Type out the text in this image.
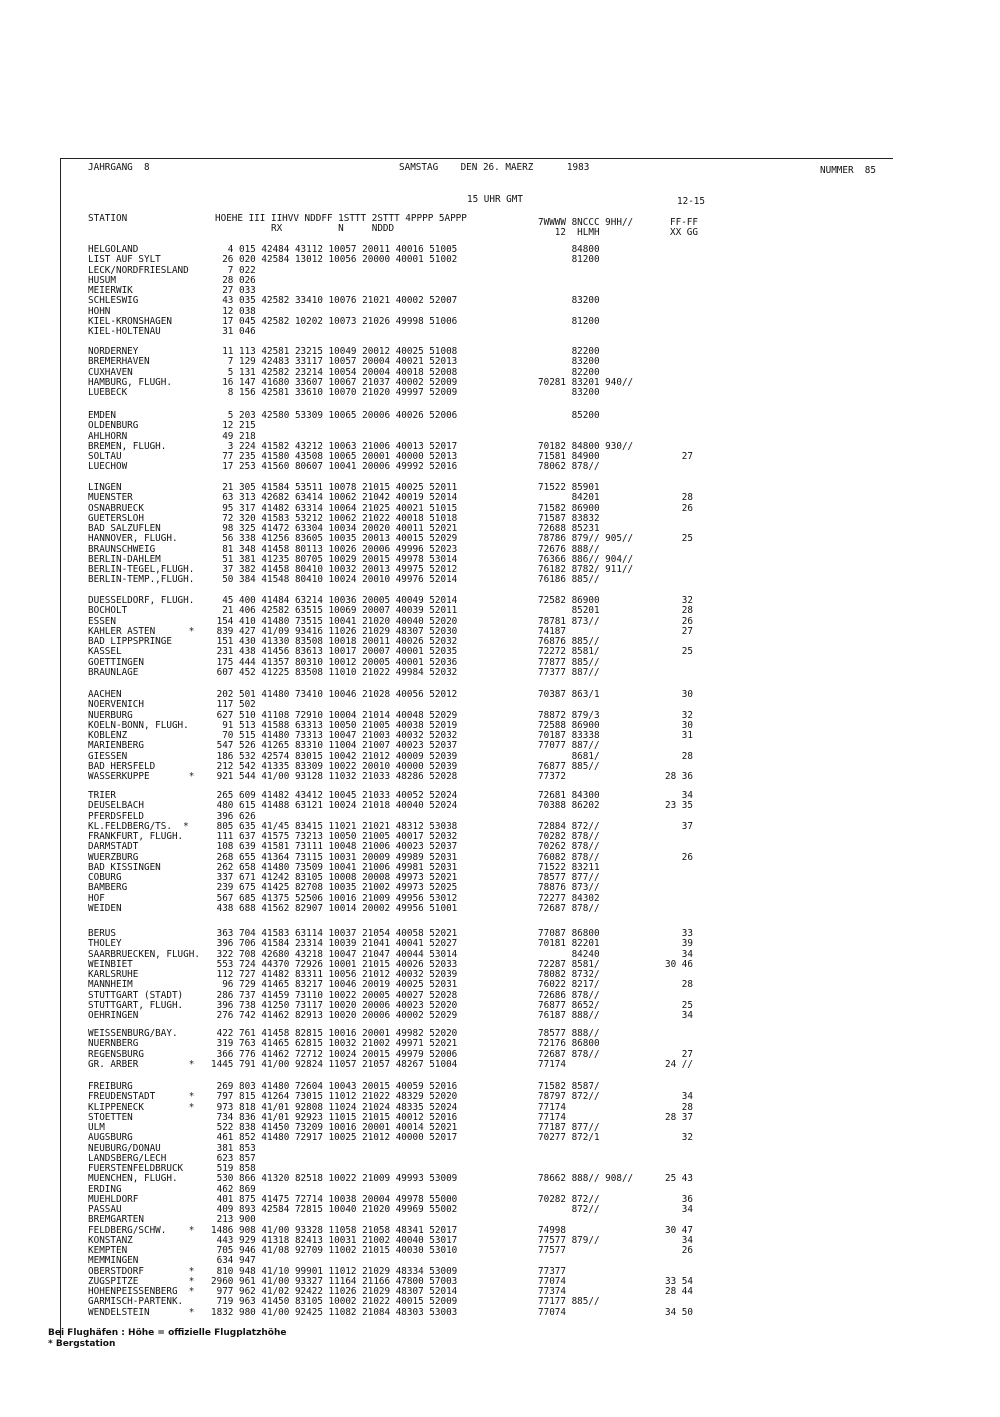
JAHRGANG  8	SAMSTAG    DEN 26. MAERZ      1983	NUMMER  85
15 UHR GMT	12-15
STATION	HOEHE III IIHVV NDDFF 1STTT 2STTT 4PPPP 5APPP
RX          N     NDDD
7WWWW 8NCCC 9HH//
12  HLMH
FF-FF
XX GG
HELGOLAND	4 015 42484 43112 10057 20011 40016 51005	84800
LIST AUF SYLT	26 020 42584 13012 10056 20000 40001 51002	81200
LECK/NORDFRIESLAND 7 022
HUSUM	28 026
MEIERWIK	27 033
SCHLESWIG	43 035 42582 33410 10076 21021 40002 52007	83200
HOHN	12 038
KIEL-KRONSHAGEN	17 045 42582 10202 10073 21026 49998 51006	81200
KIEL-HOLTENAU	31 046
NORDERNEY	11 113 42581 23215 10049 20012 40025 51008	82200
BREMERHAVEN	7 129 42483 33117 10057 20004 40021 52013	83200
CUXHAVEN	5 131 42582 23214 10054 20004 40018 52008	82200
HAMBURG, FLUGH.	16 147 41680 33607 10067 21037 40002 52009	70281 83201 940//
LUEBECK	8 156 42581 33610 10070 21020 49997 52009	83200
EMDEN	5 203 42580 53309 10065 20006 40026 52006	85200
OLDENBURG	12 215
AHLHORN	49 218
BREMEN, FLUGH.	3 224 41582 43212 10063 21006 40013 52017	70182 84800 930//
SOLTAU	77 235 41580 43508 10065 20001 40000 52013	71581 84900	27
LUECHOW	17 253 41560 80607 10041 20006 49992 52016	78062 878//
LINGEN	21 305 41584 53511 10078 21015 40025 52011	71522 85901
MUENSTER	63 313 42682 63414 10062 21042 40019 52014	84201	28
OSNABRUECK	95 317 41482 63314 10064 21025 40021 51015	71582 86900	26
GUETERSLOH	72 320 41583 53212 10062 21022 40018 51018	71587 83832
BAD SALZUFLEN	98 325 41472 63304 10034 20020 40011 52021	72688 85231
HANNOVER, FLUGH.	56 338 41256 83605 10035 20013 40015 52029	78786 879// 905//	25
BRAUNSCHWEIG	81 348 41458 80113 10026 20006 49996 52023	72676 888//
BERLIN-DAHLEM	51 381 41235 80705 10029 20015 49978 53014	76366 886// 904//
BERLIN-TEGEL,FLUGH. 37 382 41458 80410 10032 20013 49975 52012	76182 8782/ 911//
BERLIN-TEMP.,FLUGH. 50 384 41548 80410 10024 20010 49976 52014	76186 885//
DUESSELDORF, FLUGH. 45 400 41484 63214 10036 20005 40049 52014	72582 86900	32
BOCHOLT	21 406 42582 63515 10069 20007 40039 52011	85201	28
ESSEN	154 410 41480 73515 10041 21020 40040 52020	78781 873//	26
KAHLER ASTEN      * 839 427 41/09 93416 11026 21029 48307 52030	74187	27
BAD LIPPSPRINGE	151 430 41330 83508 10018 20011 40026 52032	76876 885//
KASSEL	231 438 41456 83613 10017 20007 40001 52035	72272 8581/	25
GOETTINGEN	175 444 41357 80310 10012 20005 40001 52036	77877 885//
BRAUNLAGE	607 452 41225 83508 11010 21022 49984 52032	77377 887//
AACHEN	202 501 41480 73410 10046 21028 40056 52012	70387 863/1	30
NOERVENICH	117 502
NUERBURG	627 510 41108 72910 10004 21014 40048 52029	78872 879/3	32
KOELN-BONN, FLUGH. 91 513 41588 63313 10050 21005 40038 52019	72588 86900	30
KOBLENZ	70 515 41480 73313 10047 21003 40032 52032	70187 83338	31
MARIENBERG	547 526 41265 83310 11004 21007 40023 52037	77077 887//
GIESSEN	186 532 42574 83015 10042 21012 40009 52039	8681/	28
BAD HERSFELD	212 542 41335 83309 10022 20010 40000 52039	76877 885//
WASSERKUPPE       * 921 544 41/00 93128 11032 21033 48286 52028	77372	28 36
TRIER	265 609 41482 43412 10045 21033 40052 52024	72681 84300	34
DEUSELBACH	480 615 41488 63121 10024 21018 40040 52024	70388 86202	23 35
PFERDSFELD	396 626
KL.FELDBERG/TS.  * 805 635 41/45 83415 11021 21021 48312 53038	72884 872//	37
FRANKFURT, FLUGH.	111 637 41575 73213 10050 21005 40017 52032	70282 878//
DARMSTADT	108 639 41581 73111 10048 21006 40023 52037	70262 878//
WUERZBURG	268 655 41364 73115 10031 20009 49989 52031	76082 878//	26
BAD KISSINGEN	262 658 41480 73509 10041 21006 49981 52031	71522 83211
COBURG	337 671 41242 83105 10008 20008 49973 52021	78577 877//
BAMBERG	239 675 41425 82708 10035 21002 49973 52025	78876 873//
HOF	567 685 41375 52506 10016 21009 49956 53012	72277 84302
WEIDEN	438 688 41562 82907 10014 20002 49956 51001	72687 878//
BERUS	363 704 41583 63114 10037 21054 40058 52021	77087 86800	33
THOLEY	396 706 41584 23314 10039 21041 40041 52027	70181 82201	39
SAARBRUECKEN, FLUGH. 322 708 42680 43218 10047 21047 40044 53014	84240	34
WEINBIET	553 724 44370 72926 10001 21015 40026 52033	72287 8581/	30 46
KARLSRUHE	112 727 41482 83311 10056 21012 40032 52039	78082 8732/
MANNHEIM	96 729 41465 83217 10046 20019 40025 52031	76022 8217/	28
STUTTGART (STADT)	286 737 41459 73110 10022 20005 40027 52028	72686 878//
STUTTGART, FLUGH.	396 738 41250 73117 10020 20006 40023 52020	76877 8652/	25
OEHRINGEN	276 742 41462 82913 10020 20006 40002 52029	76187 888//	34
WEISSENBURG/BAY.	422 761 41458 82815 10016 20001 49982 52020	78577 888//
NUERNBERG	319 763 41465 62815 10032 21002 49971 52021	72176 86800
REGENSBURG	366 776 41462 72712 10024 20015 49979 52006	72687 878//	27
GR. ARBER         * 1445 791 41/00 92824 11057 21057 48267 51004	77174	24 //
FREIBURG	269 803 41480 72604 10043 20015 40059 52016	71582 8587/
FREUDENSTADT      * 797 815 41264 73015 11012 21022 48329 52020	78797 872//	34
KLIPPENECK        * 973 818 41/01 92808 11024 21024 48335 52024	77174	28
STOETTEN	734 836 41/01 92923 11015 21015 40012 52016	77174	28 37
ULM	522 838 41450 73209 10016 20001 40014 52021	77187 877//
AUGSBURG	461 852 41480 72917 10025 21012 40000 52017	70277 872/1	32
NEUBURG/DONAU	381 853
LANDSBERG/LECH	623 857
FUERSTENFELDBRUCK	519 858
MUENCHEN, FLUGH.	530 866 41320 82518 10022 21009 49993 53009	78662 888// 908//	25 43
ERDING	462 869
MUEHLDORF	401 875 41475 72714 10038 20004 49978 55000	70282 872//	36
PASSAU	409 893 42584 72815 10040 21020 49969 55002	872//	34
BREMGARTEN	213 900
FELDBERG/SCHW.    * 1486 908 41/00 93328 11058 21058 48341 52017	74998	30 47
KONSTANZ	443 929 41318 82413 10031 21002 40040 53017	77577 879//	34
KEMPTEN	705 946 41/08 92709 11002 21015 40030 53010	77577	26
MEMMINGEN	634 947
OBERSTDORF        * 810 948 41/10 99901 11012 21029 48334 53009	77377
ZUGSPITZE         * 2960 961 41/00 93327 11164 21166 47800 57003	77074	33 54
HOHENPEISSENBERG  * 977 962 41/02 92422 11026 21029 48307 52014	77374	28 44
GARMISCH-PARTENK.	719 963 41450 83105 10002 21022 40015 52009	77177 885//
WENDELSTEIN       * 1832 980 41/00 92425 11082 21084 48303 53003	77074	34 50
Bei Flughäfen : Höhe = offizielle Flugplatzhöhe
* Bergstation
